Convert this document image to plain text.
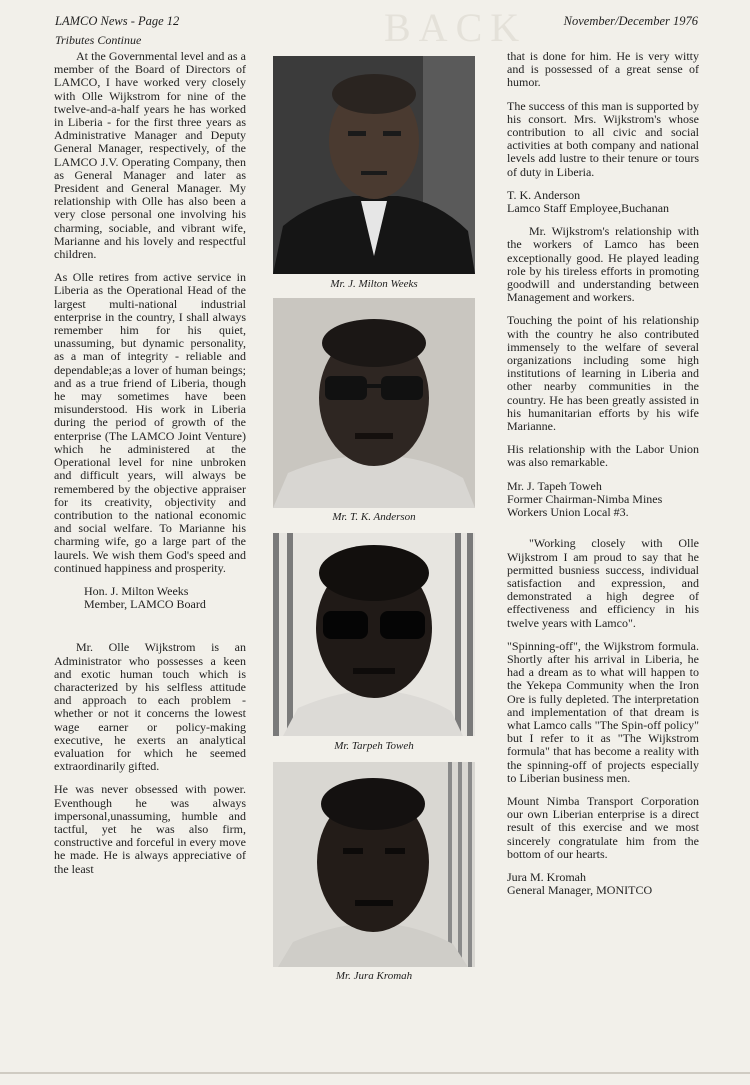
BACK
LAMCO News - Page 12	November/December 1976
Tributes Continue

At the Governmental level and as a member of the Board of Directors of LAMCO, I have worked very closely with Olle Wijkstrom for nine of the twelve-and-a-half years he has worked in Liberia - for the first three years as Administrative Manager and Deputy General Manager, respectively, of the LAMCO J.V. Operating Company, then as General Manager and later as President and General Manager. My relationship with Olle has also been a very close personal one involving his charming, sociable, and vibrant wife, Marianne and his lovely and respectful children.

As Olle retires from active service in Liberia as the Operational Head of the largest multi-national industrial enterprise in the country, I shall always remember him for his quiet, unassuming, but dynamic personality, as a man of integrity - reliable and dependable;as a lover of human beings; and as a true friend of Liberia, though he may sometimes have been misunderstood. His work in Liberia during the period of growth of the enterprise (The LAMCO Joint Venture) which he administered at the Operational level for nine unbroken and difficult years, will always be remembered by the objective appraiser for its creativity, objectivity and contribution to the national economic and social welfare. To Marianne his charming wife, go a large part of the laurels. We wish them God's speed and continued happiness and prosperity.

Hon. J. Milton Weeks
Member, LAMCO Board

Mr. Olle Wijkstrom is an Administrator who possesses a keen and exotic human touch which is characterized by his selfless attitude and approach to each problem - whether or not it concerns the lowest wage earner or policy-making executive, he exerts an analytical evaluation for which he seemed extraordinarily gifted.

He was never obsessed with power. Eventhough he was always impersonal,unassuming, humble and tactful, yet he was also firm, constructive and forceful in every move he made. He is always appreciative of the least

Mr. J. Milton Weeks
Mr. T. K. Anderson
Mr. Tarpeh Toweh
Mr. Jura Kromah

that is done for him. He is very witty and is possessed of a great sense of humor.

The success of this man is supported by his consort. Mrs. Wijkstrom's whose contribution to all civic and social activities at both company and national levels add lustre to their tenure or tours of duty in Liberia.

T. K. Anderson
Lamco Staff Employee,Buchanan

Mr. Wijkstrom's relationship with the workers of Lamco has been exceptionally good. He played leading role by his tireless efforts in promoting goodwill and understanding between Management and workers.

Touching the point of his relationship with the country he also contributed immensely to the welfare of several organizations including some high institutions of learning in Liberia and other nearby communities in the country. He has been greatly assisted in his humanitarian efforts by his wife Marianne.

His relationship with the Labor Union was also remarkable.

Mr. J. Tapeh Toweh
Former Chairman-Nimba Mines
Workers Union Local #3.

"Working closely with Olle Wijkstrom I am proud to say that he permitted busniess success, individual satisfaction and expression, and demonstrated a high degree of effectiveness and efficiency in his twelve years with Lamco".

"Spinning-off", the Wijkstrom formula. Shortly after his arrival in Liberia, he had a dream as to what will happen to the Yekepa Community when the Iron Ore is fully depleted. The interpretation and implementation of that dream is what Lamco calls "The Spin-off policy" but I refer to it as "The Wijkstrom formula" that has become a reality with the spinning-off of projects especially to Liberian business men.

Mount Nimba Transport Corporation our own Liberian enterprise is a direct result of this exercise and we most sincerely congratulate him from the bottom of our hearts.

Jura M. Kromah
General Manager, MONITCO
